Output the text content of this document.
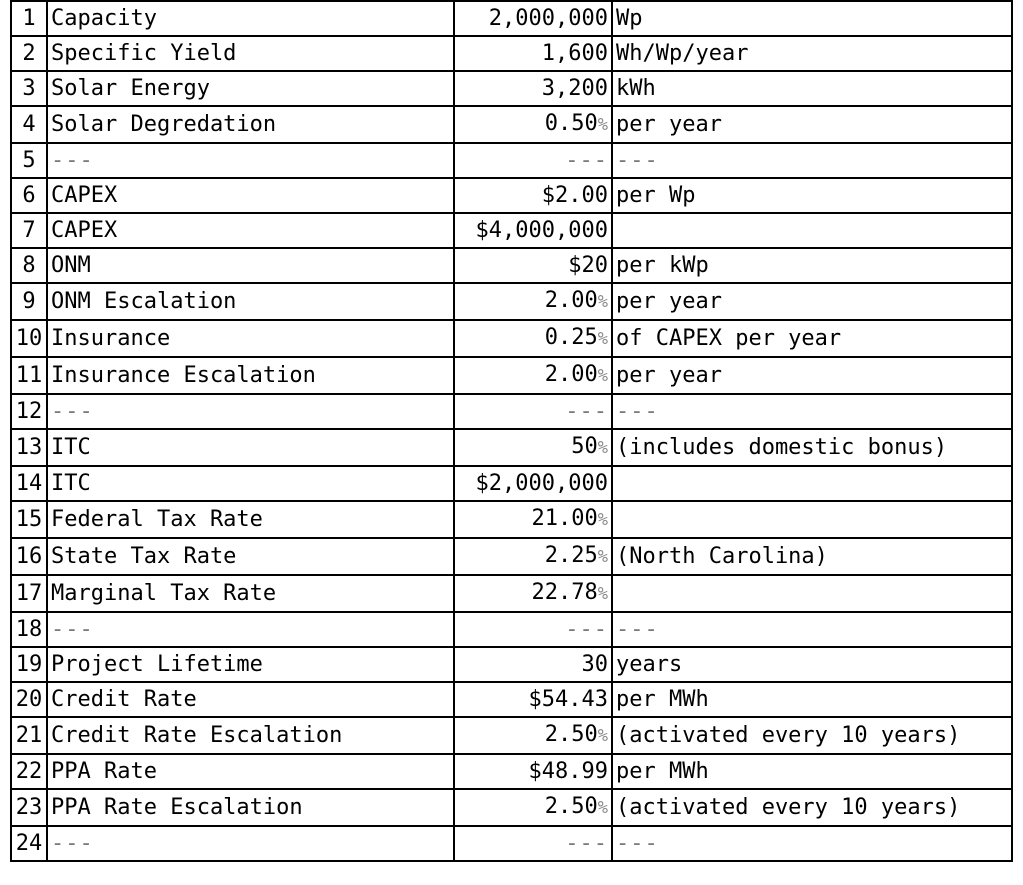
1	Capacity	2,000,000	Wp
2	Specific Yield	1,600	Wh/Wp/year
3	Solar Energy	3,200	kWh
4	Solar Degredation	0.50%	per year
5	---	---	---
6	CAPEX	$2.00	per Wp
7	CAPEX	$4,000,000	
8	ONM	$20	per kWp
9	ONM Escalation	2.00%	per year
10	Insurance	0.25%	of CAPEX per year
11	Insurance Escalation	2.00%	per year
12	---	---	---
13	ITC	50%	(includes domestic bonus)
14	ITC	$2,000,000	
15	Federal Tax Rate	21.00%	
16	State Tax Rate	2.25%	(North Carolina)
17	Marginal Tax Rate	22.78%	
18	---	---	---
19	Project Lifetime	30	years
20	Credit Rate	$54.43	per MWh
21	Credit Rate Escalation	2.50%	(activated every 10 years)
22	PPA Rate	$48.99	per MWh
23	PPA Rate Escalation	2.50%	(activated every 10 years)
24	---	---	---
